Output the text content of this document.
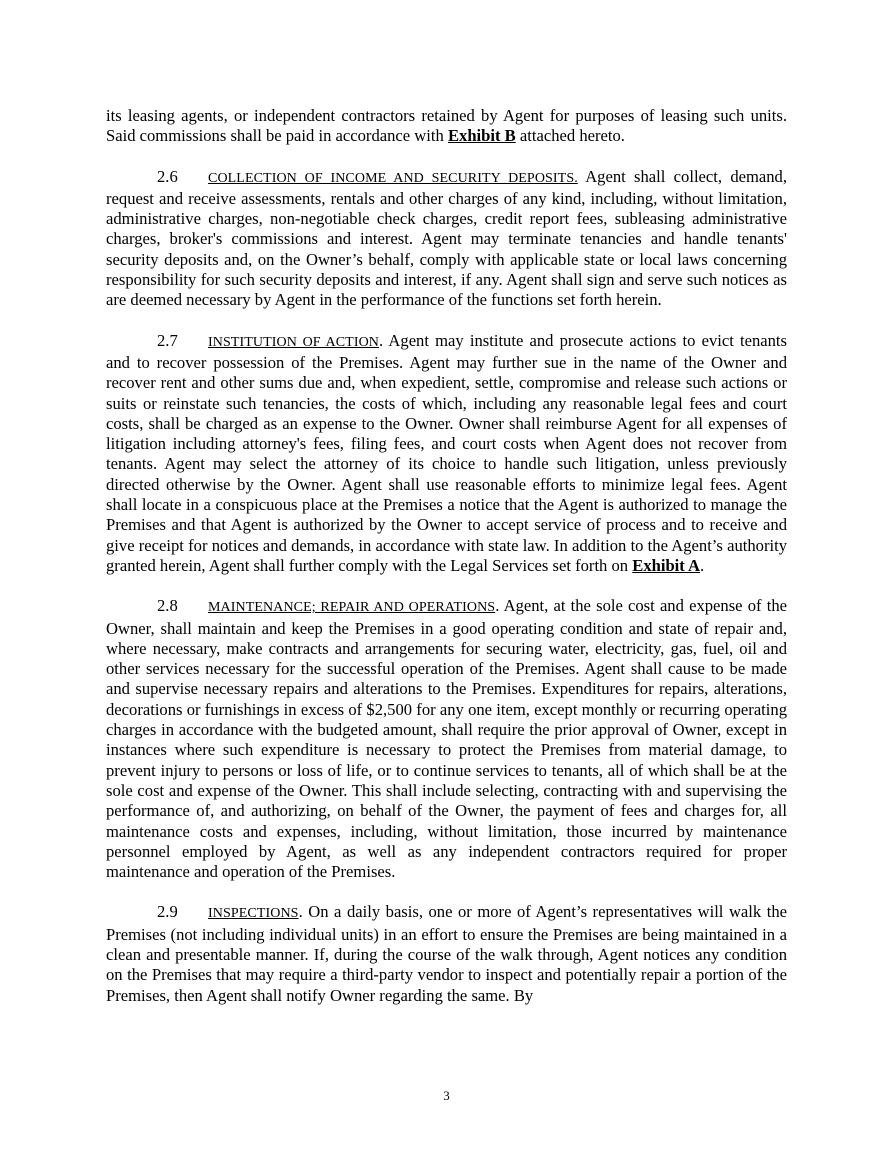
its leasing agents, or independent contractors retained by Agent for purposes of leasing such units. Said commissions shall be paid in accordance with Exhibit B attached hereto.

2.6 COLLECTION OF INCOME AND SECURITY DEPOSITS. Agent shall collect, demand, request and receive assessments, rentals and other charges of any kind, including, without limitation, administrative charges, non-negotiable check charges, credit report fees, subleasing administrative charges, broker's commissions and interest. Agent may terminate tenancies and handle tenants' security deposits and, on the Owner’s behalf, comply with applicable state or local laws concerning responsibility for such security deposits and interest, if any. Agent shall sign and serve such notices as are deemed necessary by Agent in the performance of the functions set forth herein.

2.7 INSTITUTION OF ACTION. Agent may institute and prosecute actions to evict tenants and to recover possession of the Premises. Agent may further sue in the name of the Owner and recover rent and other sums due and, when expedient, settle, compromise and release such actions or suits or reinstate such tenancies, the costs of which, including any reasonable legal fees and court costs, shall be charged as an expense to the Owner. Owner shall reimburse Agent for all expenses of litigation including attorney's fees, filing fees, and court costs when Agent does not recover from tenants. Agent may select the attorney of its choice to handle such litigation, unless previously directed otherwise by the Owner. Agent shall use reasonable efforts to minimize legal fees. Agent shall locate in a conspicuous place at the Premises a notice that the Agent is authorized to manage the Premises and that Agent is authorized by the Owner to accept service of process and to receive and give receipt for notices and demands, in accordance with state law. In addition to the Agent’s authority granted herein, Agent shall further comply with the Legal Services set forth on Exhibit A.

2.8 MAINTENANCE; REPAIR AND OPERATIONS. Agent, at the sole cost and expense of the Owner, shall maintain and keep the Premises in a good operating condition and state of repair and, where necessary, make contracts and arrangements for securing water, electricity, gas, fuel, oil and other services necessary for the successful operation of the Premises. Agent shall cause to be made and supervise necessary repairs and alterations to the Premises. Expenditures for repairs, alterations, decorations or furnishings in excess of $2,500 for any one item, except monthly or recurring operating charges in accordance with the budgeted amount, shall require the prior approval of Owner, except in instances where such expenditure is necessary to protect the Premises from material damage, to prevent injury to persons or loss of life, or to continue services to tenants, all of which shall be at the sole cost and expense of the Owner. This shall include selecting, contracting with and supervising the performance of, and authorizing, on behalf of the Owner, the payment of fees and charges for, all maintenance costs and expenses, including, without limitation, those incurred by maintenance personnel employed by Agent, as well as any independent contractors required for proper maintenance and operation of the Premises.

2.9 INSPECTIONS. On a daily basis, one or more of Agent’s representatives will walk the Premises (not including individual units) in an effort to ensure the Premises are being maintained in a clean and presentable manner. If, during the course of the walk through, Agent notices any condition on the Premises that may require a third-party vendor to inspect and potentially repair a portion of the Premises, then Agent shall notify Owner regarding the same. By

3
